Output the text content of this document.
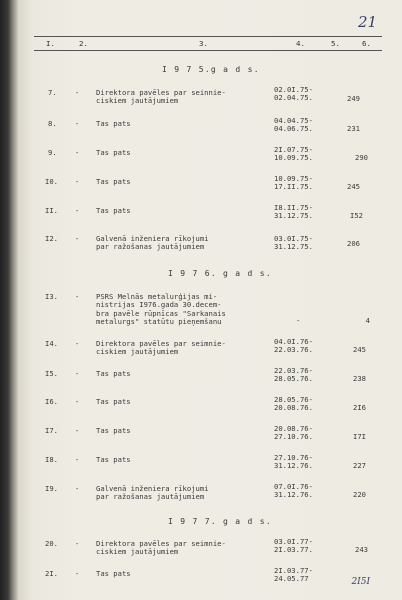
21
I.	2.	3.	4.	5.	6.
I 9 7 5.g a d s.
I 9 7 6. g a d s.
I 9 7 7. g a d s.
7.	- Direktora pavēles par seinnie-
ciskiem jautājumiem
02.0I.75-
02.04.75.	249
8.	- Tas pats	04.04.75-
04.06.75.	231
9.	- Tas pats	2I.07.75-
10.09.75.	290
I0. - Tas pats	10.09.75-
17.II.75.	245
II. - Tas pats	I8.II.75-
31.12.75.	I52
I2. - Galvenā inženiera rīkojumi
par ražošanas jautājumiem
03.0I.75-
31.12.75.	206
I3. - PSRS Melnās metalurģijas mi-
nistrijas I976.gada 30.decem-
bra pavēle rūpnīcas "Sarkanais
metalurgs" statūtu pieņemšanu	-	4
I4. - Direktora pavēles par seimnie-
ciskiem jautājumiem
04.0I.76-
22.03.76.	245
I5. - Tas pats	22.03.76-
28.05.76.	238
I6. - Tas pats	28.05.76-
20.08.76.	2I6
I7. - Tas pats	20.08.76-
27.10.76.	I7I
I8. - Tas pats	27.10.76-
31.12.76.	227
I9. - Galvenā inženiera rīkojumi
par ražošanas jautājumiem
07.0I.76-
31.12.76.	220
20. - Direktora pavēles par seimnie-
ciskiem jautājumiem
03.0I.77-
2I.03.77.	243
2I. - Tas pats	2I.03.77-
24.05.77	2I5I
